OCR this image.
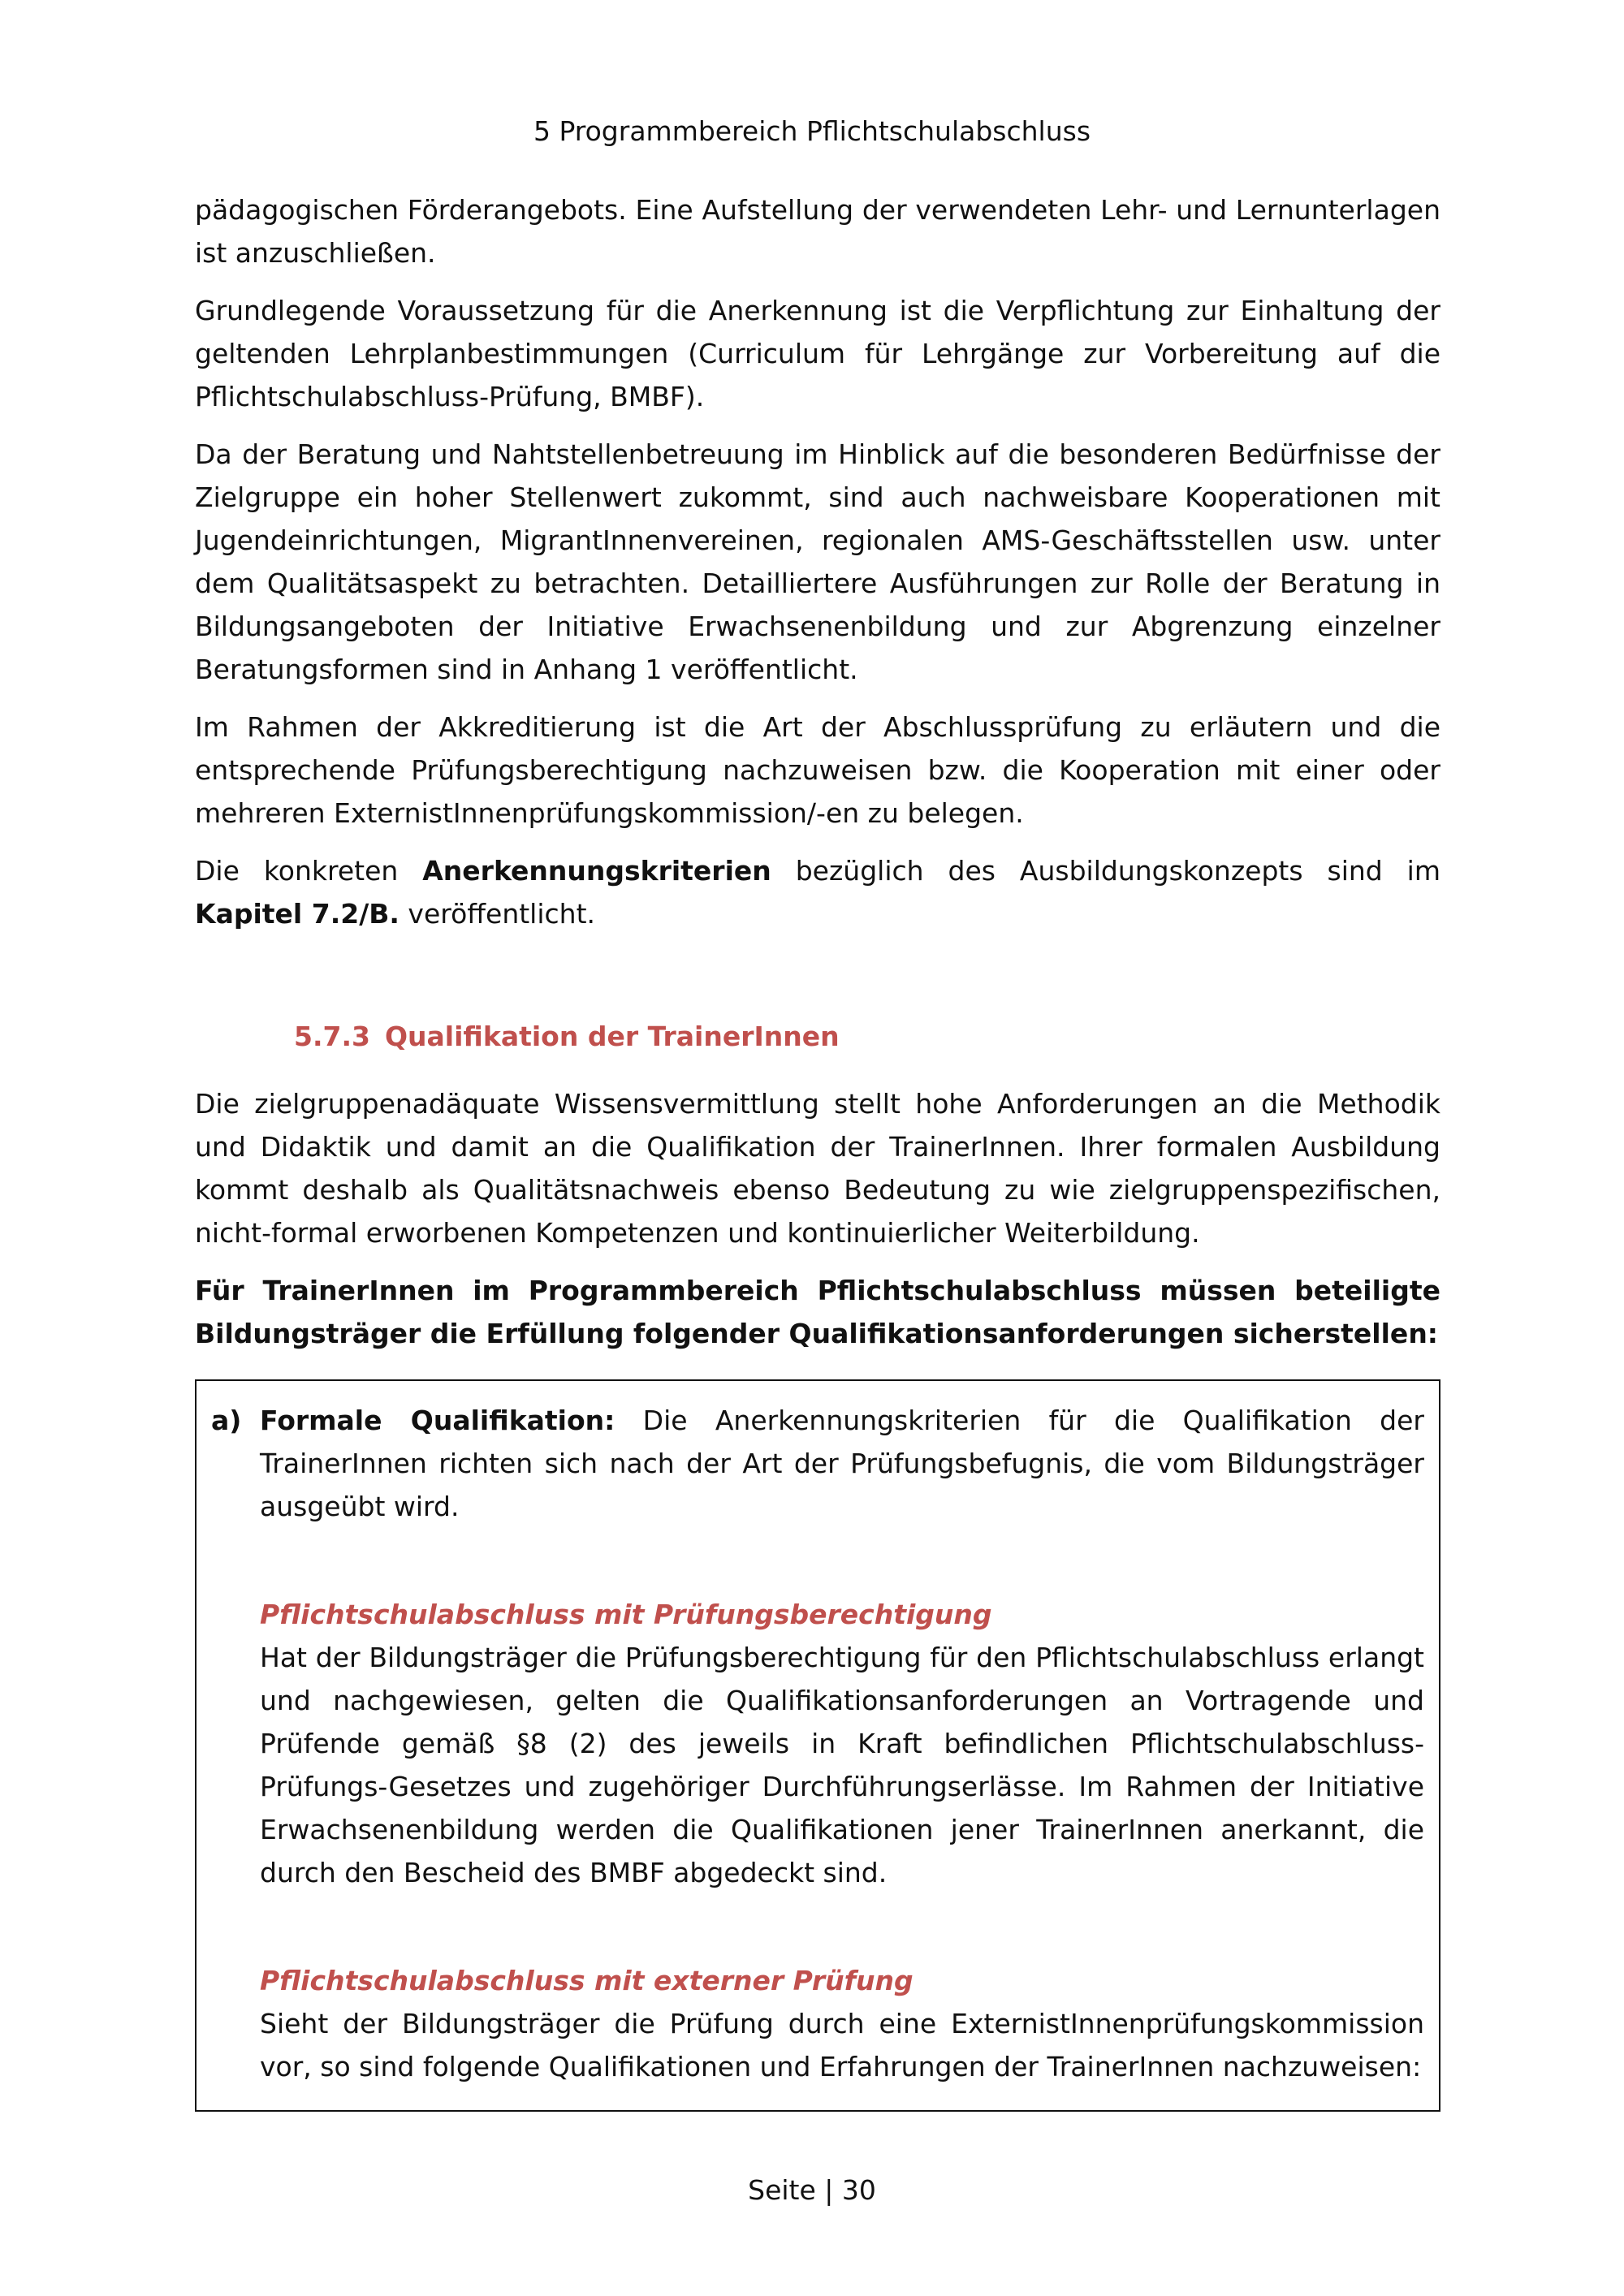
5 Programmbereich Pflichtschulabschluss

pädagogischen Förderangebots. Eine Aufstellung der verwendeten Lehr- und Lernunterlagen ist anzuschließen.

Grundlegende Voraussetzung für die Anerkennung ist die Verpflichtung zur Einhaltung der geltenden Lehrplanbestimmungen (Curriculum für Lehrgänge zur Vorbereitung auf die Pflichtschulabschluss-Prüfung, BMBF).

Da der Beratung und Nahtstellenbetreuung im Hinblick auf die besonderen Bedürfnisse der Zielgruppe ein hoher Stellenwert zukommt, sind auch nachweisbare Kooperationen mit Jugendeinrichtungen, MigrantInnenvereinen, regionalen AMS-Geschäftsstellen usw. unter dem Qualitätsaspekt zu betrachten. Detailliertere Ausführungen zur Rolle der Beratung in Bildungsangeboten der Initiative Erwachsenenbildung und zur Abgrenzung einzelner Beratungsformen sind in Anhang 1 veröffentlicht.

Im Rahmen der Akkreditierung ist die Art der Abschlussprüfung zu erläutern und die entsprechende Prüfungsberechtigung nachzuweisen bzw. die Kooperation mit einer oder mehreren ExternistInnenprüfungskommission/-en zu belegen.

Die konkreten Anerkennungskriterien bezüglich des Ausbildungskonzepts sind im Kapitel 7.2/B. veröffentlicht.

5.7.3 Qualifikation der TrainerInnen

Die zielgruppenadäquate Wissensvermittlung stellt hohe Anforderungen an die Methodik und Didaktik und damit an die Qualifikation der TrainerInnen. Ihrer formalen Ausbildung kommt deshalb als Qualitätsnachweis ebenso Bedeutung zu wie zielgruppenspezifischen, nicht-formal erworbenen Kompetenzen und kontinuierlicher Weiterbildung.

Für TrainerInnen im Programmbereich Pflichtschulabschluss müssen beteiligte Bildungsträger die Erfüllung folgender Qualifikationsanforderungen sicherstellen:

a) Formale Qualifikation: Die Anerkennungskriterien für die Qualifikation der TrainerInnen richten sich nach der Art der Prüfungsbefugnis, die vom Bildungsträger ausgeübt wird.
Pflichtschulabschluss mit Prüfungsberechtigung
Hat der Bildungsträger die Prüfungsberechtigung für den Pflichtschulabschluss erlangt und nachgewiesen, gelten die Qualifikationsanforderungen an Vortragende und Prüfende gemäß §8 (2) des jeweils in Kraft befindlichen Pflichtschulabschluss-Prüfungs-Gesetzes und zugehöriger Durchführungserlässe. Im Rahmen der Initiative Erwachsenenbildung werden die Qualifikationen jener TrainerInnen anerkannt, die durch den Bescheid des BMBF abgedeckt sind.
Pflichtschulabschluss mit externer Prüfung
Sieht der Bildungsträger die Prüfung durch eine ExternistInnenprüfungskommission vor, so sind folgende Qualifikationen und Erfahrungen der TrainerInnen nachzuweisen:
Seite | 30
